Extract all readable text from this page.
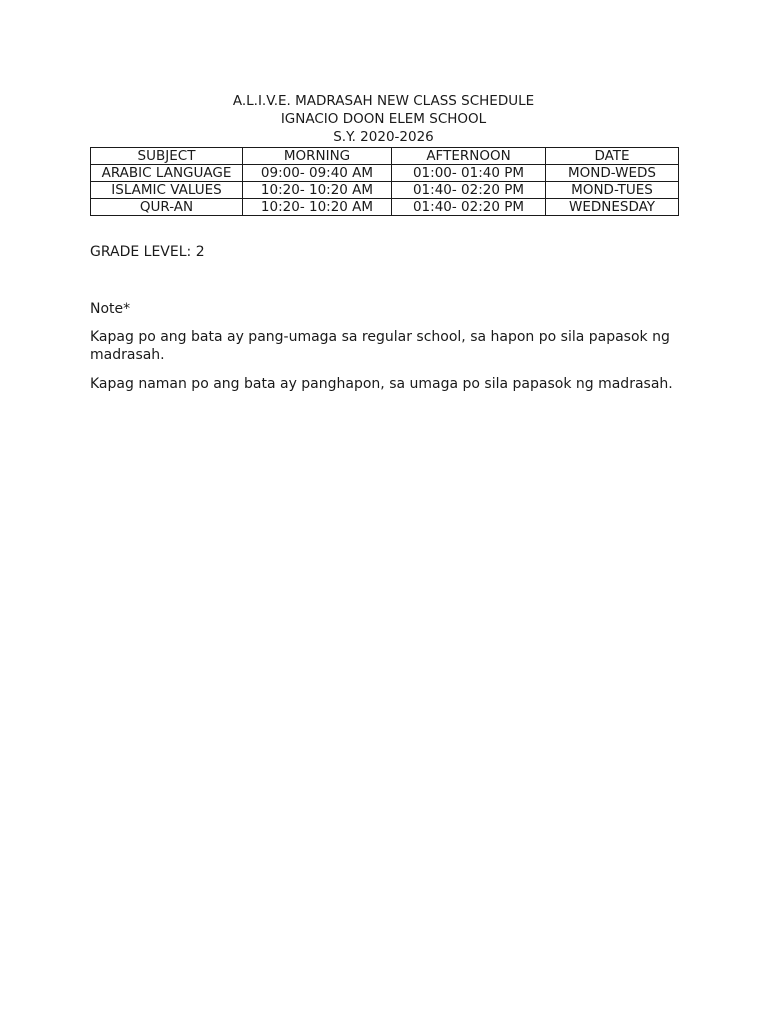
A.L.I.V.E. MADRASAH NEW CLASS SCHEDULE
IGNACIO DOON ELEM SCHOOL
S.Y. 2020-2026
SUBJECT	MORNING	AFTERNOON	DATE
ARABIC LANGUAGE	09:00- 09:40 AM	01:00- 01:40 PM	MOND-WEDS
ISLAMIC VALUES	10:20- 10:20 AM	01:40- 02:20 PM	MOND-TUES
QUR-AN	10:20- 10:20 AM	01:40- 02:20 PM	WEDNESDAY
GRADE LEVEL: 2
Note*
Kapag po ang bata ay pang-umaga sa regular school, sa hapon po sila papasok ng madrasah.
Kapag naman po ang bata ay panghapon, sa umaga po sila papasok ng madrasah.
